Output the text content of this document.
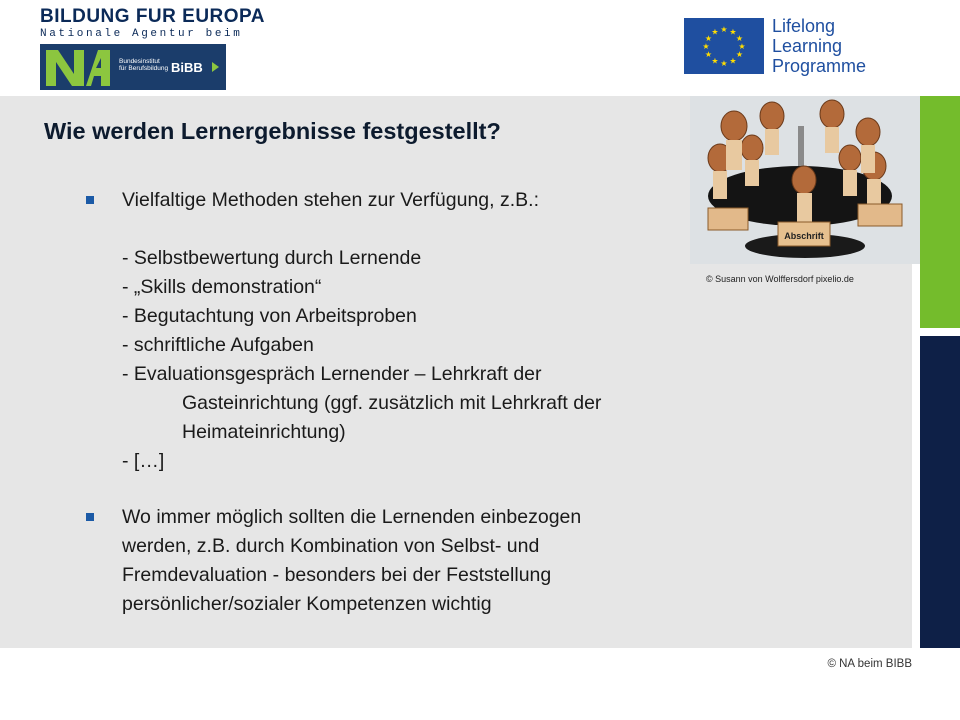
BILDUNG FUR EUROPA
Nationale Agentur beim
Bundesinstitut
für Berufsbildung BiBB
★ ★
★
★
★
★
★
★
★
★
★
★	Lifelong
Learning
Programme
Wie werden Lernergebnisse festgestellt?
Vielfaltige Methoden stehen zur Verfügung, z.B.:
- Selbstbewertung durch Lernende
- „Skills demonstration“
- Begutachtung von Arbeitsproben
- schriftliche Aufgaben
- Evaluationsgespräch Lernender – Lehrkraft der
Gasteinrichtung (ggf. zusätzlich mit Lehrkraft der
Heimateinrichtung)
- […]
Wo immer möglich sollten die Lernenden einbezogen
werden, z.B. durch Kombination von Selbst- und
Fremdevaluation - besonders bei der Feststellung
persönlicher/sozialer Kompetenzen wichtig
Abschrift
© Susann von Wolffersdorf pixelio.de
© NA beim BIBB
